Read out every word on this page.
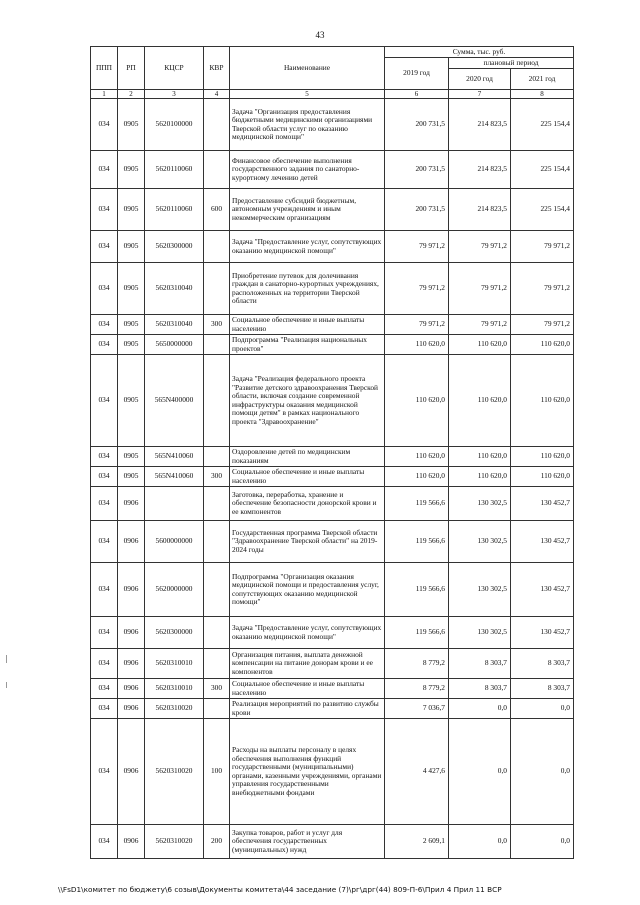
43
ППП	РП	КЦСР	КВР	Наименование	Сумма, тыс. руб.		
					2019 год	плановый период	
						2020 год	2021 год
1	2	3	4	5	6	7	8
034	0905	5620100000		Задача "Организация предоставления бюджетными медицинскими организациями Тверской области услуг по оказанию медицинской помощи"	200 731,5	214 823,5	225 154,4
034	0905	5620110060		Финансовое обеспечение выполнения государственного задания по санаторно-курортному лечению детей	200 731,5	214 823,5	225 154,4
034	0905	5620110060	600	Предоставление субсидий бюджетным, автономным учреждениям и иным некоммерческим организациям	200 731,5	214 823,5	225 154,4
034	0905	5620300000		Задача "Предоставление услуг, сопутствующих оказанию медицинской помощи"	79 971,2	79 971,2	79 971,2
034	0905	5620310040		Приобретение путевок для долечивания граждан в санаторно-курортных учреждениях, расположенных на территории Тверской области	79 971,2	79 971,2	79 971,2
034	0905	5620310040	300	Социальное обеспечение и иные выплаты населению	79 971,2	79 971,2	79 971,2
034	0905	5650000000		Подпрограмма "Реализация национальных проектов"	110 620,0	110 620,0	110 620,0
034	0905	565N400000		Задача "Реализация федерального проекта "Развитие детского здравоохранения Тверской области, включая создание современной инфраструктуры оказания медицинской помощи детям" в рамках национального проекта "Здравоохранение"	110 620,0	110 620,0	110 620,0
034	0905	565N410060		Оздоровление детей по медицинским показаниям	110 620,0	110 620,0	110 620,0
034	0905	565N410060	300	Социальное обеспечение и иные выплаты населению	110 620,0	110 620,0	110 620,0
034	0906			Заготовка, переработка, хранение и обеспечение безопасности донорской крови и ее компонентов	119 566,6	130 302,5	130 452,7
034	0906	5600000000		Государственная программа Тверской области "Здравоохранение Тверской области" на 2019-2024 годы	119 566,6	130 302,5	130 452,7
034	0906	5620000000		Подпрограмма "Организация оказания медицинской помощи и предоставления услуг, сопутствующих оказанию медицинской помощи"	119 566,6	130 302,5	130 452,7
034	0906	5620300000		Задача "Предоставление услуг, сопутствующих оказанию медицинской помощи"	119 566,6	130 302,5	130 452,7
034	0906	5620310010		Организация питания, выплата денежной компенсации на питание донорам крови и ее компонентов	8 779,2	8 303,7	8 303,7
034	0906	5620310010	300	Социальное обеспечение и иные выплаты населению	8 779,2	8 303,7	8 303,7
034	0906	5620310020		Реализация мероприятий по развитию службы крови	7 036,7	0,0	0,0
034	0906	5620310020	100	Расходы на выплаты персоналу в целях обеспечения выполнения функций государственными (муниципальными) органами, казенными учреждениями, органами управления государственными внебюджетными фондами	4 427,6	0,0	0,0
034	0906	5620310020	200	Закупка товаров, работ и услуг для обеспечения государственных (муниципальных) нужд	2 609,1	0,0	0,0
\\FsD1\комитет по бюджету\6 созыв\Документы комитета\44 заседание (7)\рг\дрг(44) 809-П-6\Прил 4 Прил 11 ВСР
